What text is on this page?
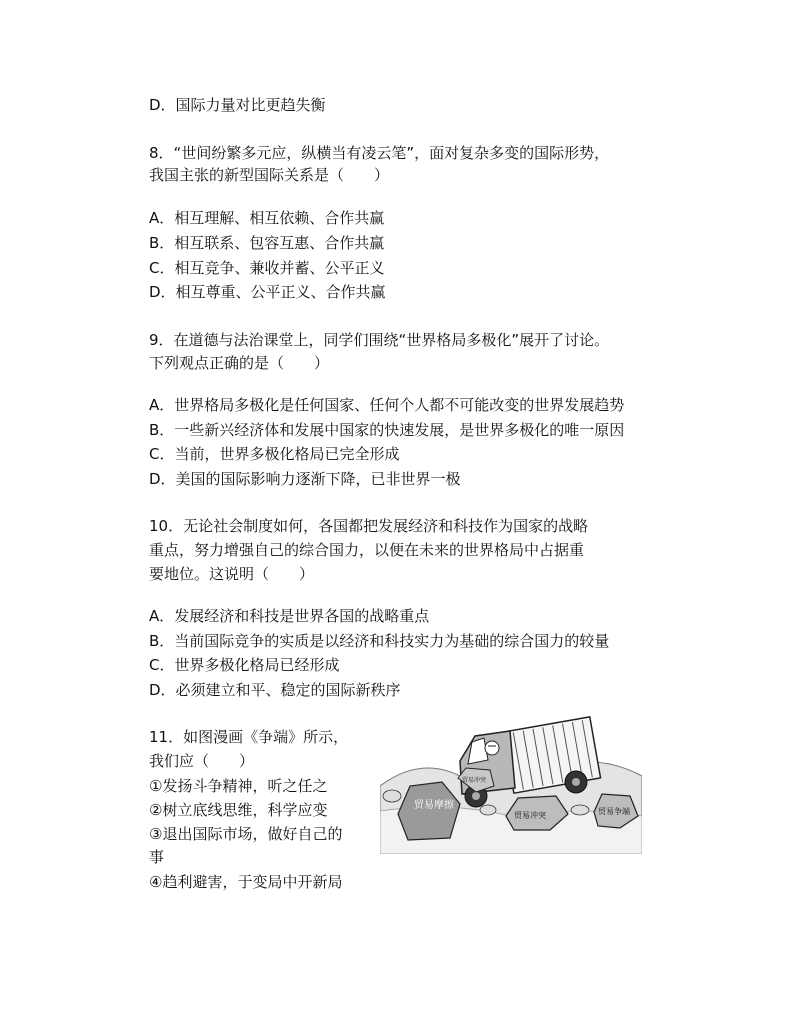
D．国际力量对比更趋失衡
8．“世间纷繁多元应，纵横当有凌云笔”，面对复杂多变的国际形势，
我国主张的新型国际关系是（　　）
A．相互理解、相互依赖、合作共赢
B．相互联系、包容互惠、合作共赢
C．相互竞争、兼收并蓄、公平正义
D．相互尊重、公平正义、合作共赢
9．在道德与法治课堂上，同学们围绕“世界格局多极化”展开了讨论。
下列观点正确的是（　　）
A．世界格局多极化是任何国家、任何个人都不可能改变的世界发展趋势
B．一些新兴经济体和发展中国家的快速发展，是世界多极化的唯一原因
C．当前，世界多极化格局已完全形成
D．美国的国际影响力逐渐下降，已非世界一极
10．无论社会制度如何，各国都把发展经济和科技作为国家的战略
重点，努力增强自己的综合国力，以便在未来的世界格局中占据重
要地位。这说明（　　）
A．发展经济和科技是世界各国的战略重点
B．当前国际竞争的实质是以经济和科技实力为基础的综合国力的较量
C．世界多极化格局已经形成
D．必须建立和平、稳定的国际新秩序
11．如图漫画《争端》所示，
我们应（　　）
①发扬斗争精神，听之任之
②树立底线思维，科学应变
③退出国际市场，做好自己的
事
④趋利避害，于变局中开新局
贸易摩擦
贸易冲突
贸易冲突	贸易争端
